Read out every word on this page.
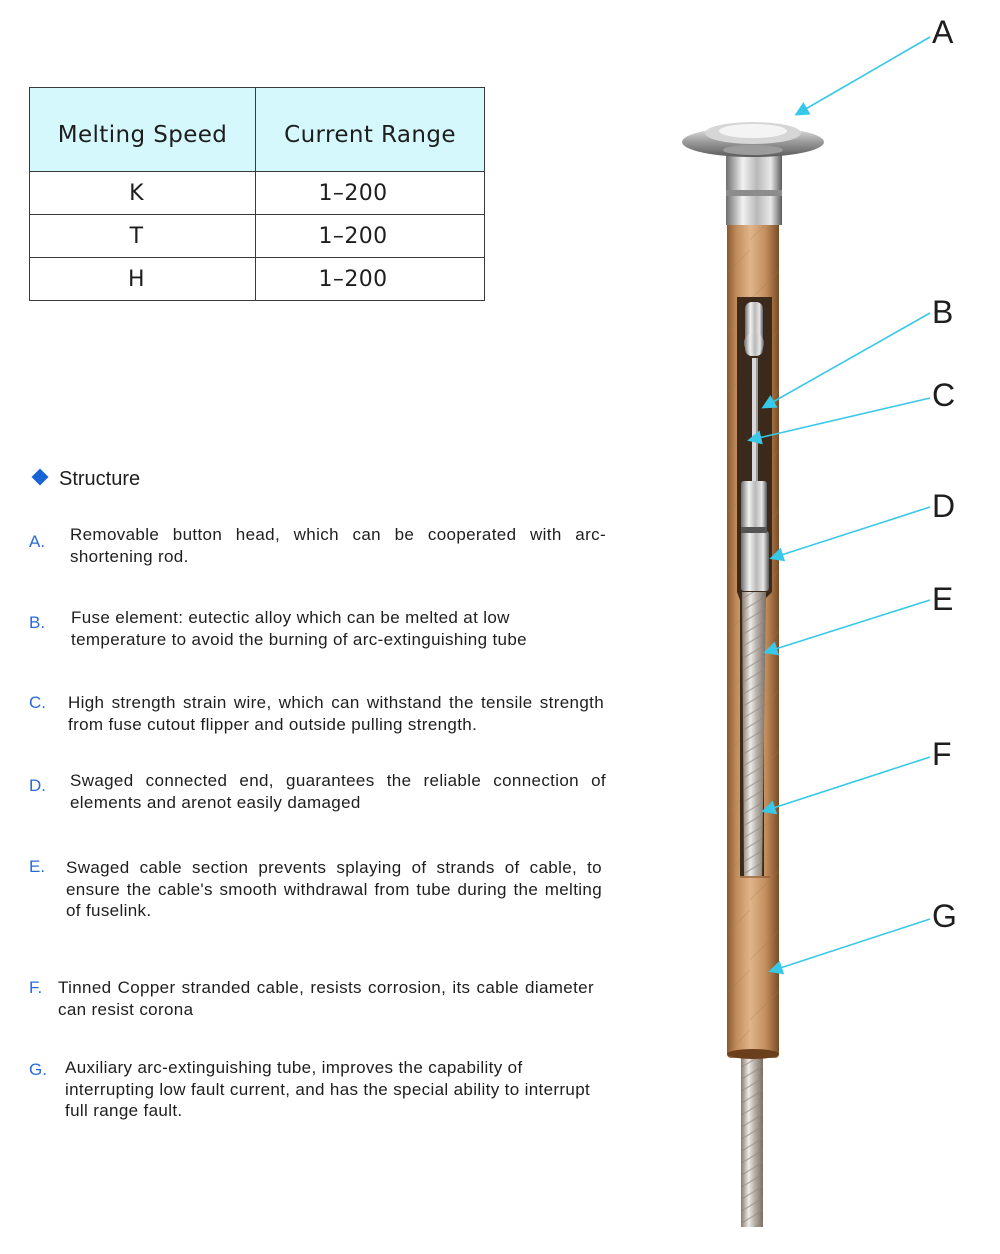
Melting Speed	Current Range
K	1–200
T	1–200
H	1–200
Structure
A. Removable button head, which can be cooperated with arc-shortening rod.
B. Fuse element: eutectic alloy which can be melted at low temperature to avoid the burning of arc-extinguishing tube
C. High strength strain wire, which can withstand the tensile strength from fuse cutout flipper and outside pulling strength.
D. Swaged connected end, guarantees the reliable connection of elements and arenot easily damaged
E. Swaged cable section prevents splaying of strands of cable, to ensure the cable's smooth withdrawal from tube during the melting of fuselink.
F. Tinned Copper stranded cable, resists corrosion, its cable diameter can resist corona
G. Auxiliary arc-extinguishing tube, improves the capability of interrupting low fault current, and has the special ability to interrupt full range fault.
A
B
C
D
E
F
G
